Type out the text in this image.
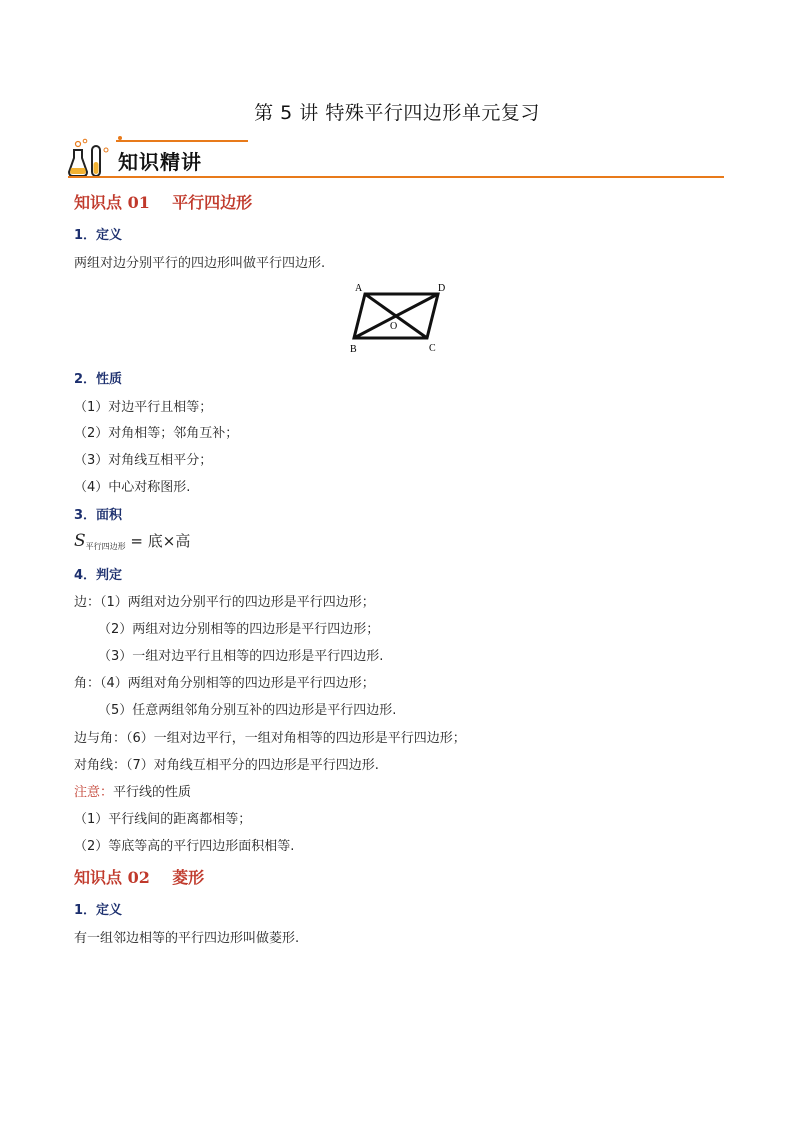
第 5 讲 特殊平行四边形单元复习
知识精讲
知识点 01    平行四边形
1．定义
两组对边分别平行的四边形叫做平行四边形.
A	D
O
B	C
2．性质
（1）对边平行且相等；
（2）对角相等；邻角互补；
（3）对角线互相平分；
（4）中心对称图形.
3．面积
$S_{平行四边形}$ = 底×高
4．判定
边：（1）两组对边分别平行的四边形是平行四边形；
（2）两组对边分别相等的四边形是平行四边形；
（3）一组对边平行且相等的四边形是平行四边形.
角：（4）两组对角分别相等的四边形是平行四边形；
（5）任意两组邻角分别互补的四边形是平行四边形.
边与角：（6）一组对边平行，一组对角相等的四边形是平行四边形；
对角线：（7）对角线互相平分的四边形是平行四边形.
注意：平行线的性质
（1）平行线间的距离都相等；
（2）等底等高的平行四边形面积相等.
知识点 02    菱形
1．定义
有一组邻边相等的平行四边形叫做菱形.
